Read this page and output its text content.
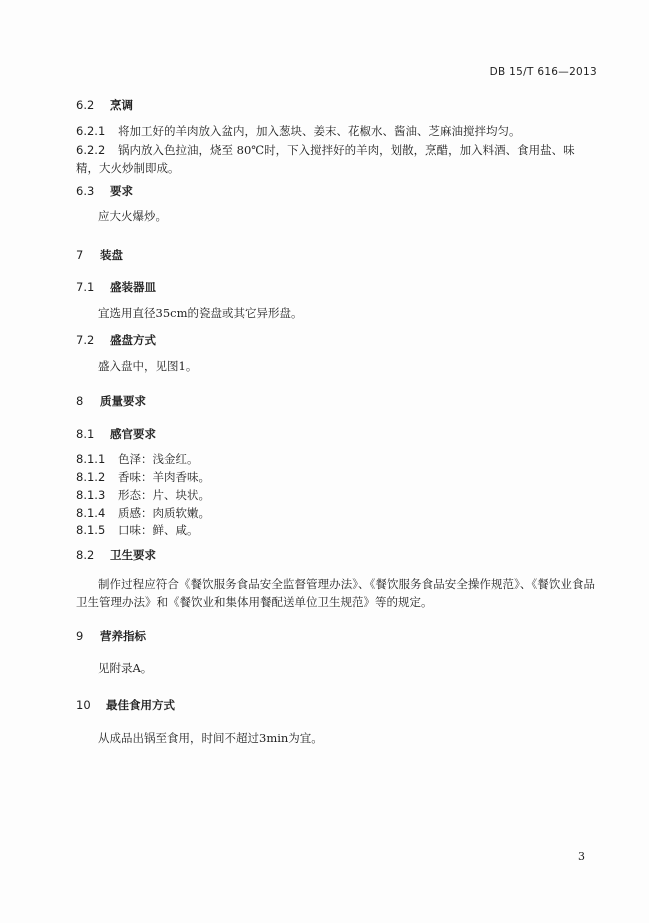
DB 15/T 616—2013
6.2 烹调
6.2.1 将加工好的羊肉放入盆内，加入葱块、姜末、花椒水、酱油、芝麻油搅拌均匀。
6.2.2 锅内放入色拉油，烧至 80℃时，下入搅拌好的羊肉，划散，烹醋，加入料酒、食用盐、味精，大火炒制即成。
6.3 要求
应大火爆炒。
7 装盘
7.1 盛装器皿
宜选用直径35cm的瓷盘或其它异形盘。
7.2 盛盘方式
盛入盘中，见图1。
8 质量要求
8.1 感官要求
8.1.1 色泽：浅金红。
8.1.2 香味：羊肉香味。
8.1.3 形态：片、块状。
8.1.4 质感：肉质软嫩。
8.1.5 口味：鲜、咸。
8.2 卫生要求
制作过程应符合《餐饮服务食品安全监督管理办法》、《餐饮服务食品安全操作规范》、《餐饮业食品卫生管理办法》和《餐饮业和集体用餐配送单位卫生规范》等的规定。
9 营养指标
见附录A。
10 最佳食用方式
从成品出锅至食用，时间不超过3min为宜。
3
